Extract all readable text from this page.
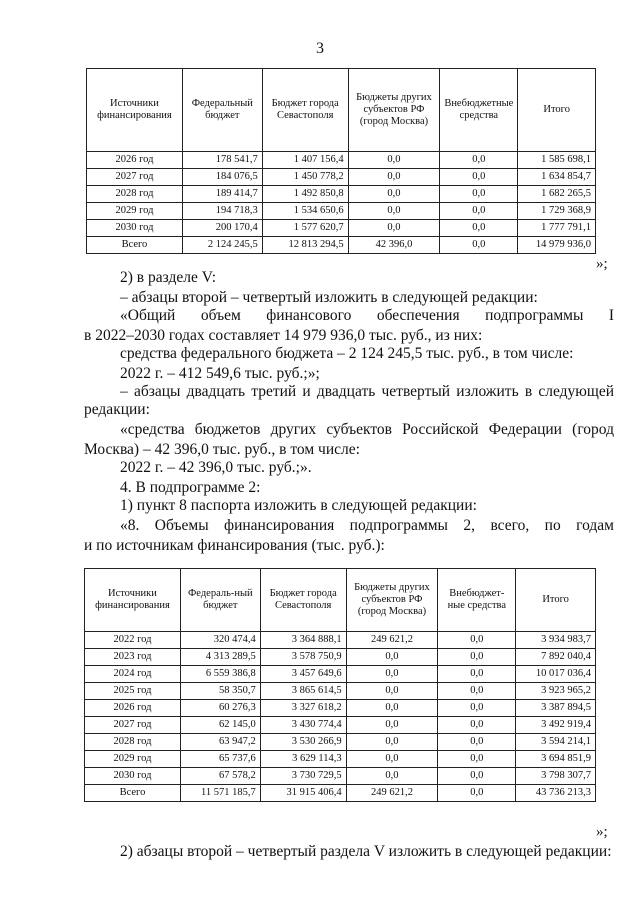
3
Источники финансирования	Федеральный бюджет	Бюджет города Севастополя	Бюджеты других субъектов РФ (город Москва)	Внебюджетные средства	Итого
2026 год	178 541,7	1 407 156,4	0,0	0,0	1 585 698,1
2027 год	184 076,5	1 450 778,2	0,0	0,0	1 634 854,7
2028 год	189 414,7	1 492 850,8	0,0	0,0	1 682 265,5
2029 год	194 718,3	1 534 650,6	0,0	0,0	1 729 368,9
2030 год	200 170,4	1 577 620,7	0,0	0,0	1 777 791,1
Всего	2 124 245,5	12 813 294,5	42 396,0	0,0	14 979 936,0
»;
2) в разделе V:
– абзацы второй – четвертый изложить в следующей редакции:
«Общий объем финансового обеспечения подпрограммы I
в 2022–2030 годах составляет 14 979 936,0 тыс. руб., из них:
средства федерального бюджета – 2 124 245,5 тыс. руб., в том числе:
2022 г. – 412 549,6 тыс. руб.;»;
– абзацы двадцать третий и двадцать четвертый изложить в следующей
редакции:
«средства бюджетов других субъектов Российской Федерации (город
Москва) – 42 396,0 тыс. руб., в том числе:
2022 г. – 42 396,0 тыс. руб.;».
4. В подпрограмме 2:
1) пункт 8 паспорта изложить в следующей редакции:
«8. Объемы финансирования подпрограммы 2, всего, по годам
и по источникам финансирования (тыс. руб.):
Источники финансирования	Федераль-ный бюджет	Бюджет города Севастополя	Бюджеты других субъектов РФ (город Москва)	Внебюджет-ные средства	Итого
2022 год	320 474,4	3 364 888,1	249 621,2	0,0	3 934 983,7
2023 год	4 313 289,5	3 578 750,9	0,0	0,0	7 892 040,4
2024 год	6 559 386,8	3 457 649,6	0,0	0,0	10 017 036,4
2025 год	58 350,7	3 865 614,5	0,0	0,0	3 923 965,2
2026 год	60 276,3	3 327 618,2	0,0	0,0	3 387 894,5
2027 год	62 145,0	3 430 774,4	0,0	0,0	3 492 919,4
2028 год	63 947,2	3 530 266,9	0,0	0,0	3 594 214,1
2029 год	65 737,6	3 629 114,3	0,0	0,0	3 694 851,9
2030 год	67 578,2	3 730 729,5	0,0	0,0	3 798 307,7
Всего	11 571 185,7	31 915 406,4	249 621,2	0,0	43 736 213,3
»;
2) абзацы второй – четвертый раздела V изложить в следующей редакции:
